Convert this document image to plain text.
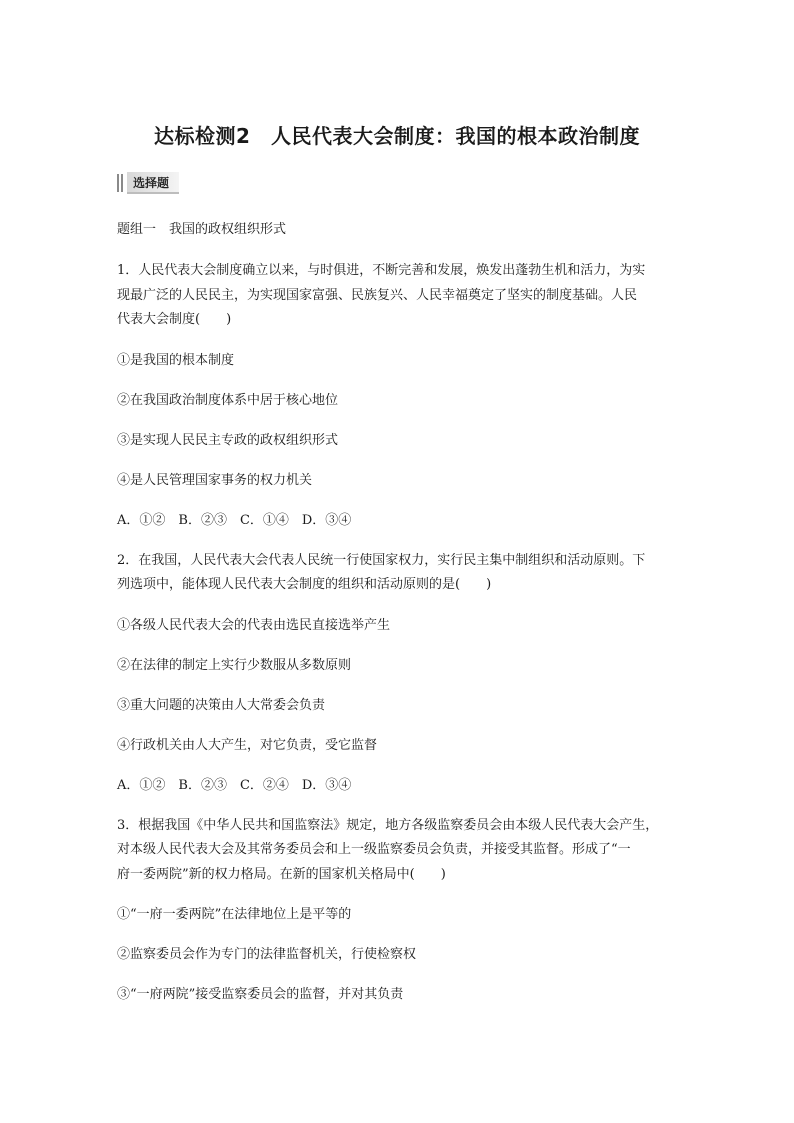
达标检测2　人民代表大会制度：我国的根本政治制度
选择题
题组一　我国的政权组织形式
1．人民代表大会制度确立以来，与时俱进，不断完善和发展，焕发出蓬勃生机和活力，为实
现最广泛的人民民主，为实现国家富强、民族复兴、人民幸福奠定了坚实的制度基础。人民
代表大会制度(　　)
①是我国的根本制度
②在我国政治制度体系中居于核心地位
③是实现人民民主专政的政权组织形式
④是人民管理国家事务的权力机关
A．①②　B．②③　C．①④　D．③④
2．在我国，人民代表大会代表人民统一行使国家权力，实行民主集中制组织和活动原则。下
列选项中，能体现人民代表大会制度的组织和活动原则的是(　　)
①各级人民代表大会的代表由选民直接选举产生
②在法律的制定上实行少数服从多数原则
③重大问题的决策由人大常委会负责
④行政机关由人大产生，对它负责，受它监督
A．①②　B．②③　C．②④　D．③④
3．根据我国《中华人民共和国监察法》规定，地方各级监察委员会由本级人民代表大会产生，
对本级人民代表大会及其常务委员会和上一级监察委员会负责，并接受其监督。形成了“一
府一委两院”新的权力格局。在新的国家机关格局中(　　)
①“一府一委两院”在法律地位上是平等的
②监察委员会作为专门的法律监督机关，行使检察权
③“一府两院”接受监察委员会的监督，并对其负责
